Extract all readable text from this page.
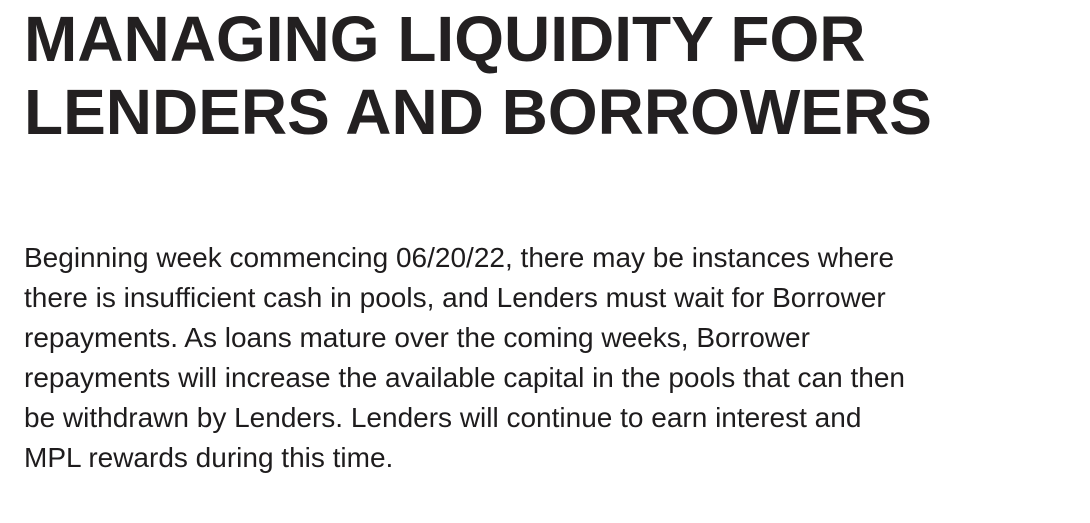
MANAGING LIQUIDITY FOR
LENDERS AND BORROWERS

Beginning week commencing 06/20/22, there may be instances where
there is insufficient cash in pools, and Lenders must wait for Borrower
repayments. As loans mature over the coming weeks, Borrower
repayments will increase the available capital in the pools that can then
be withdrawn by Lenders. Lenders will continue to earn interest and
MPL rewards during this time.
